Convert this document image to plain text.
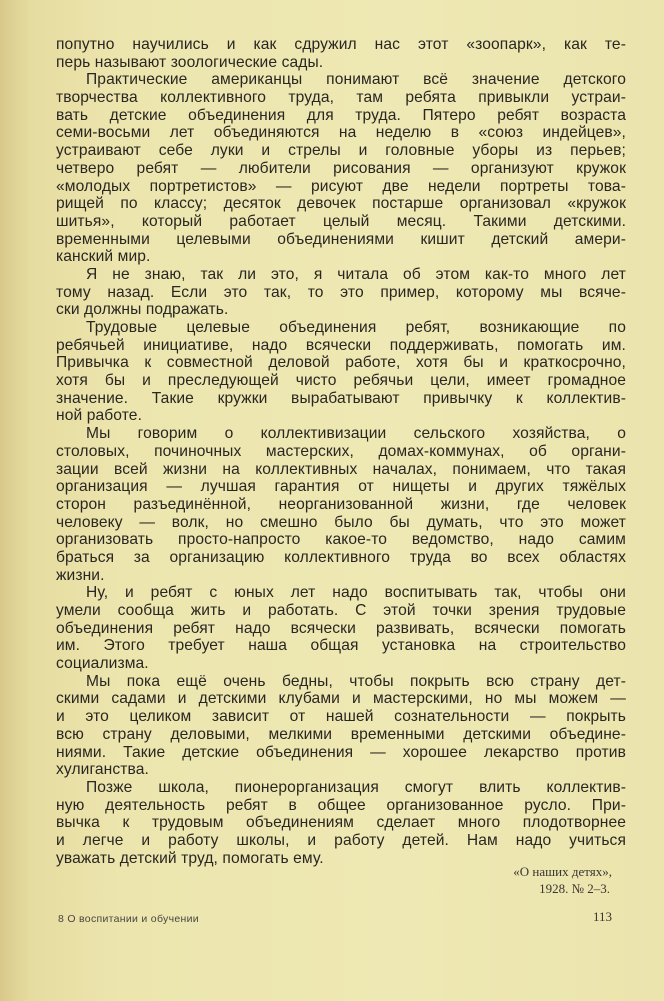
попутно научились и как сдружил нас этот «зоопарк», как те-
перь называют зоологические сады.
Практические американцы понимают всё значение детского
творчества коллективного труда, там ребята привыкли устраи-
вать детские объединения для труда. Пятеро ребят возраста
семи-восьми лет объединяются на неделю в «союз индейцев»,
устраивают себе луки и стрелы и головные уборы из перьев;
четверо ребят — любители рисования — организуют кружок
«молодых портретистов» — рисуют две недели портреты това-
рищей по классу; десяток девочек постарше организовал «кружок
шитья», который работает целый месяц. Такими детскими.
временными целевыми объединениями кишит детский амери-
канский мир.
Я не знаю, так ли это, я читала об этом как-то много лет
тому назад. Если это так, то это пример, которому мы всяче-
ски должны подражать.
Трудовые целевые объединения ребят, возникающие по
ребячьей инициативе, надо всячески поддерживать, помогать им.
Привычка к совместной деловой работе, хотя бы и краткосрочно,
хотя бы и преследующей чисто ребячьи цели, имеет громадное
значение. Такие кружки вырабатывают привычку к коллектив-
ной работе.
Мы говорим о коллективизации сельского хозяйства, о
столовых, починочных мастерских, домах-коммунах, об органи-
зации всей жизни на коллективных началах, понимаем, что такая
организация — лучшая гарантия от нищеты и других тяжёлых
сторон разъединённой, неорганизованной жизни, где человек
человеку — волк, но смешно было бы думать, что это может
организовать просто-напросто какое-то ведомство, надо самим
браться за организацию коллективного труда во всех областях
жизни.
Ну, и ребят с юных лет надо воспитывать так, чтобы они
умели сообща жить и работать. С этой точки зрения трудовые
объединения ребят надо всячески развивать, всячески помогать
им. Этого требует наша общая установка на строительство
социализма.
Мы пока ещё очень бедны, чтобы покрыть всю страну дет-
скими садами и детскими клубами и мастерскими, но мы можем —
и это целиком зависит от нашей сознательности — покрыть
всю страну деловыми, мелкими временными детскими объедине-
ниями. Такие детские объединения — хорошее лекарство против
хулиганства.
Позже школа, пионерорганизация смогут влить коллектив-
ную деятельность ребят в общее организованное русло. При-
вычка к трудовым объединениям сделает много плодотворнее
и легче и работу школы, и работу детей. Нам надо учиться
уважать детский труд, помогать ему.
«О наших детях»,
1928. № 2–3.
8 О воспитании и обучении	113
